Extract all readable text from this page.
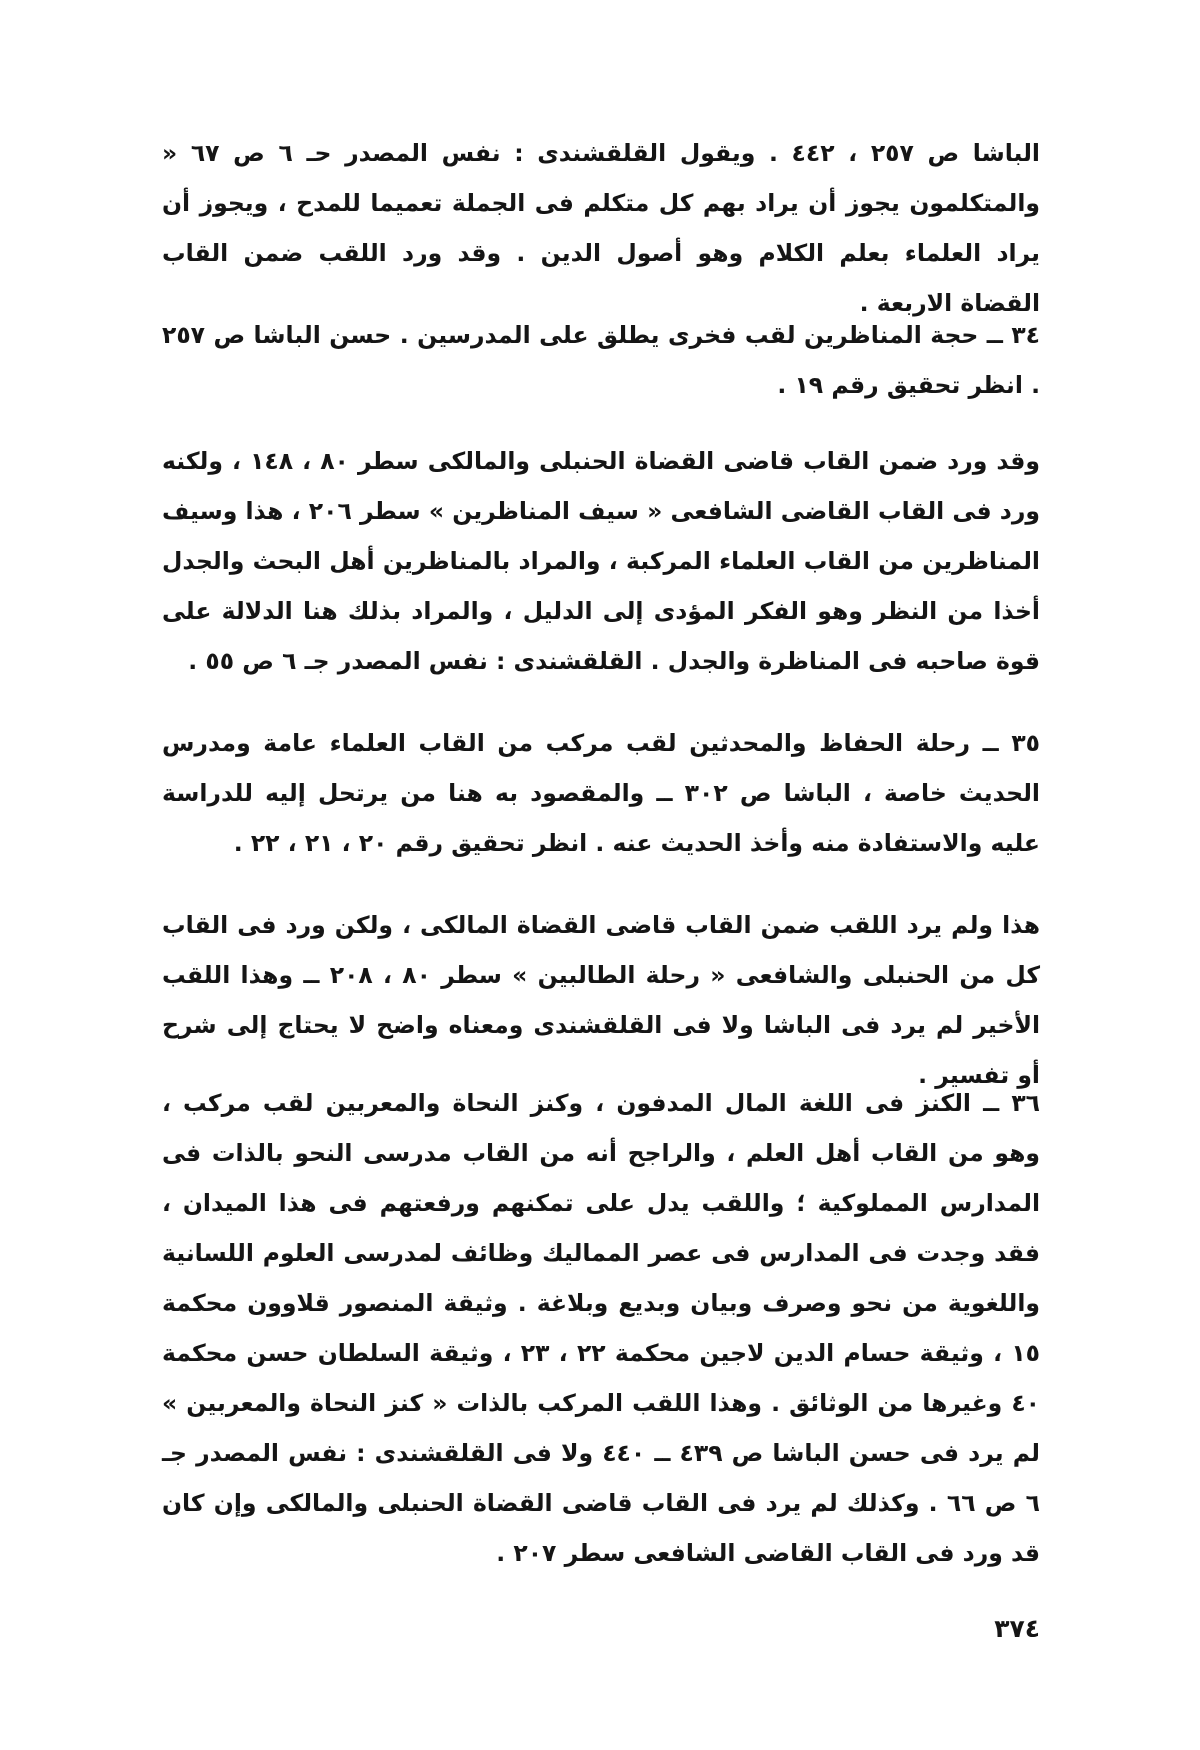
الباشا ص ٢٥٧ ، ٤٤٢ . ويقول القلقشندى : نفس المصدر حـ ٦ ص ٦٧ « والمتكلمون يجوز أن يراد بهم كل متكلم فى الجملة تعميما للمدح ، ويجوز أن يراد العلماء بعلم الكلام وهو أصول الدين . وقد ورد اللقب ضمن القاب القضاة الاربعة .

٣٤ ــ حجة المناظرين لقب فخرى يطلق على المدرسين . حسن الباشا ص ٢٥٧ . انظر تحقيق رقم ١٩ .

وقد ورد ضمن القاب قاضى القضاة الحنبلى والمالكى سطر ٨٠ ، ١٤٨ ، ولكنه ورد فى القاب القاضى الشافعى « سيف المناظرين » سطر ٢٠٦ ، هذا وسيف المناظرين من القاب العلماء المركبة ، والمراد بالمناظرين أهل البحث والجدل أخذا من النظر وهو الفكر المؤدى إلى الدليل ، والمراد بذلك هنا الدلالة على قوة صاحبه فى المناظرة والجدل . القلقشندى : نفس المصدر جـ ٦ ص ٥٥ .

٣٥ ــ رحلة الحفاظ والمحدثين لقب مركب من القاب العلماء عامة ومدرس الحديث خاصة ، الباشا ص ٣٠٢ ــ والمقصود به هنا من يرتحل إليه للدراسة عليه والاستفادة منه وأخذ الحديث عنه . انظر تحقيق رقم ٢٠ ، ٢١ ، ٢٢ .

هذا ولم يرد اللقب ضمن القاب قاضى القضاة المالكى ، ولكن ورد فى القاب كل من الحنبلى والشافعى « رحلة الطالبين » سطر ٨٠ ، ٢٠٨ ــ وهذا اللقب الأخير لم يرد فى الباشا ولا فى القلقشندى ومعناه واضح لا يحتاج إلى شرح أو تفسير .

٣٦ ــ الكنز فى اللغة المال المدفون ، وكنز النحاة والمعربين لقب مركب ، وهو من القاب أهل العلم ، والراجح أنه من القاب مدرسى النحو بالذات فى المدارس المملوكية ؛ واللقب يدل على تمكنهم ورفعتهم فى هذا الميدان ، فقد وجدت فى المدارس فى عصر المماليك وظائف لمدرسى العلوم اللسانية واللغوية من نحو وصرف وبيان وبديع وبلاغة . وثيقة المنصور قلاوون محكمة ١٥ ، وثيقة حسام الدين لاجين محكمة ٢٢ ، ٢٣ ، وثيقة السلطان حسن محكمة ٤٠ وغيرها من الوثائق . وهذا اللقب المركب بالذات « كنز النحاة والمعربين » لم يرد فى حسن الباشا ص ٤٣٩ ــ ٤٤٠ ولا فى القلقشندى : نفس المصدر جـ ٦ ص ٦٦ . وكذلك لم يرد فى القاب قاضى القضاة الحنبلى والمالكى وإن كان قد ورد فى القاب القاضى الشافعى سطر ٢٠٧ .

٣٧٤
